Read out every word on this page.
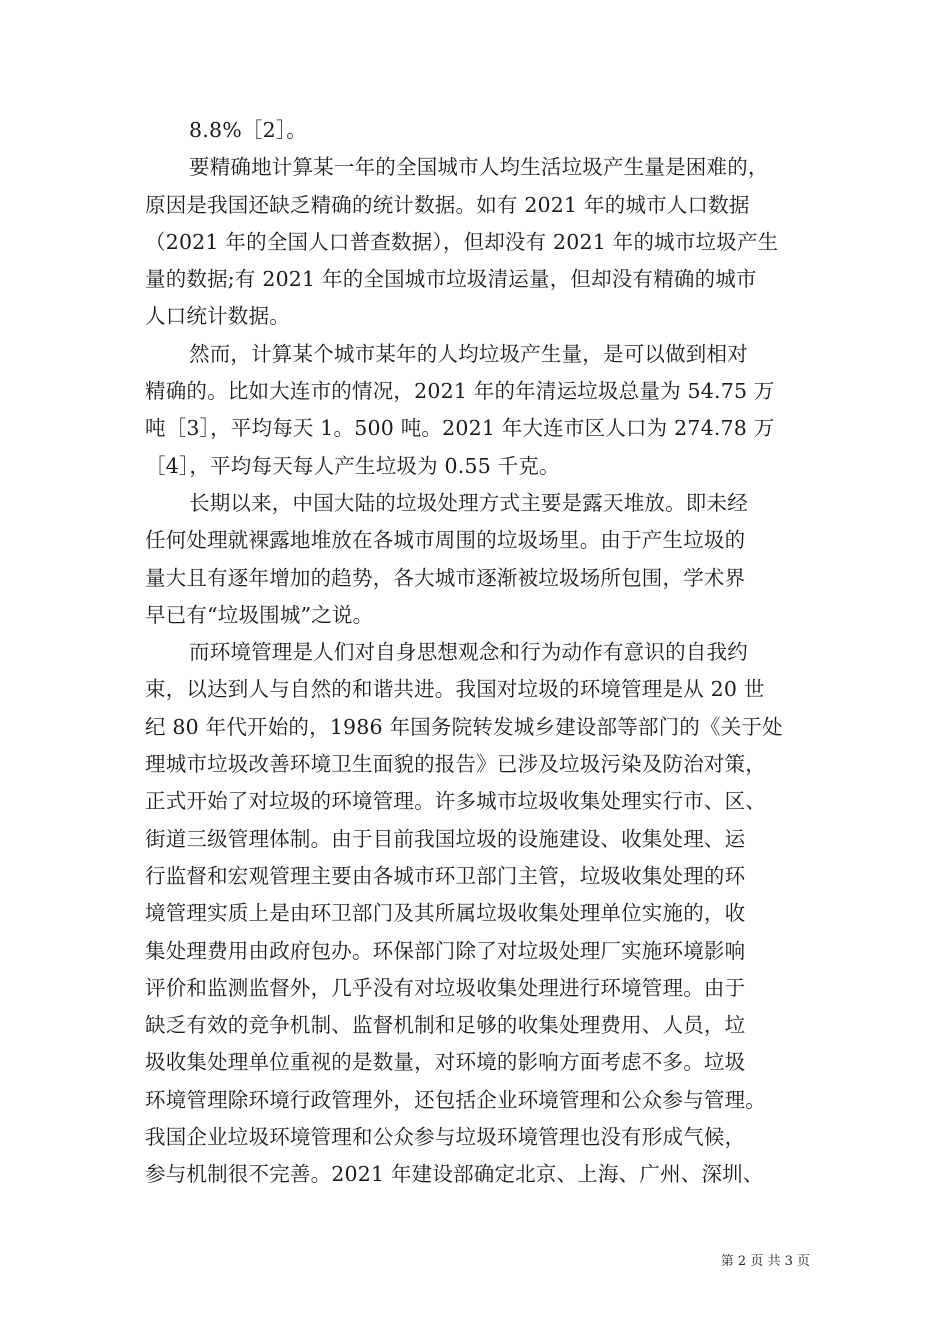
8.8%［2］。
要精确地计算某一年的全国城市人均生活垃圾产生量是困难的，
原因是我国还缺乏精确的统计数据。如有 2021 年的城市人口数据
（2021 年的全国人口普查数据），但却没有 2021 年的城市垃圾产生
量的数据;有 2021 年的全国城市垃圾清运量，但却没有精确的城市
人口统计数据。
然而，计算某个城市某年的人均垃圾产生量，是可以做到相对
精确的。比如大连市的情况，2021 年的年清运垃圾总量为 54.75 万
吨［3］，平均每天 1。500 吨。2021 年大连市区人口为 274.78 万
［4］，平均每天每人产生垃圾为 0.55 千克。
长期以来，中国大陆的垃圾处理方式主要是露天堆放。即未经
任何处理就裸露地堆放在各城市周围的垃圾场里。由于产生垃圾的
量大且有逐年增加的趋势，各大城市逐渐被垃圾场所包围，学术界
早已有“垃圾围城”之说。
而环境管理是人们对自身思想观念和行为动作有意识的自我约
束，以达到人与自然的和谐共进。我国对垃圾的环境管理是从 20 世
纪 80 年代开始的，1986 年国务院转发城乡建设部等部门的《关于处
理城市垃圾改善环境卫生面貌的报告》已涉及垃圾污染及防治对策，
正式开始了对垃圾的环境管理。许多城市垃圾收集处理实行市、区、
街道三级管理体制。由于目前我国垃圾的设施建设、收集处理、运
行监督和宏观管理主要由各城市环卫部门主管，垃圾收集处理的环
境管理实质上是由环卫部门及其所属垃圾收集处理单位实施的，收
集处理费用由政府包办。环保部门除了对垃圾处理厂实施环境影响
评价和监测监督外，几乎没有对垃圾收集处理进行环境管理。由于
缺乏有效的竞争机制、监督机制和足够的收集处理费用、人员，垃
圾收集处理单位重视的是数量，对环境的影响方面考虑不多。垃圾
环境管理除环境行政管理外，还包括企业环境管理和公众参与管理。
我国企业垃圾环境管理和公众参与垃圾环境管理也没有形成气候，
参与机制很不完善。2021 年建设部确定北京、上海、广州、深圳、
第 2 页 共 3 页
